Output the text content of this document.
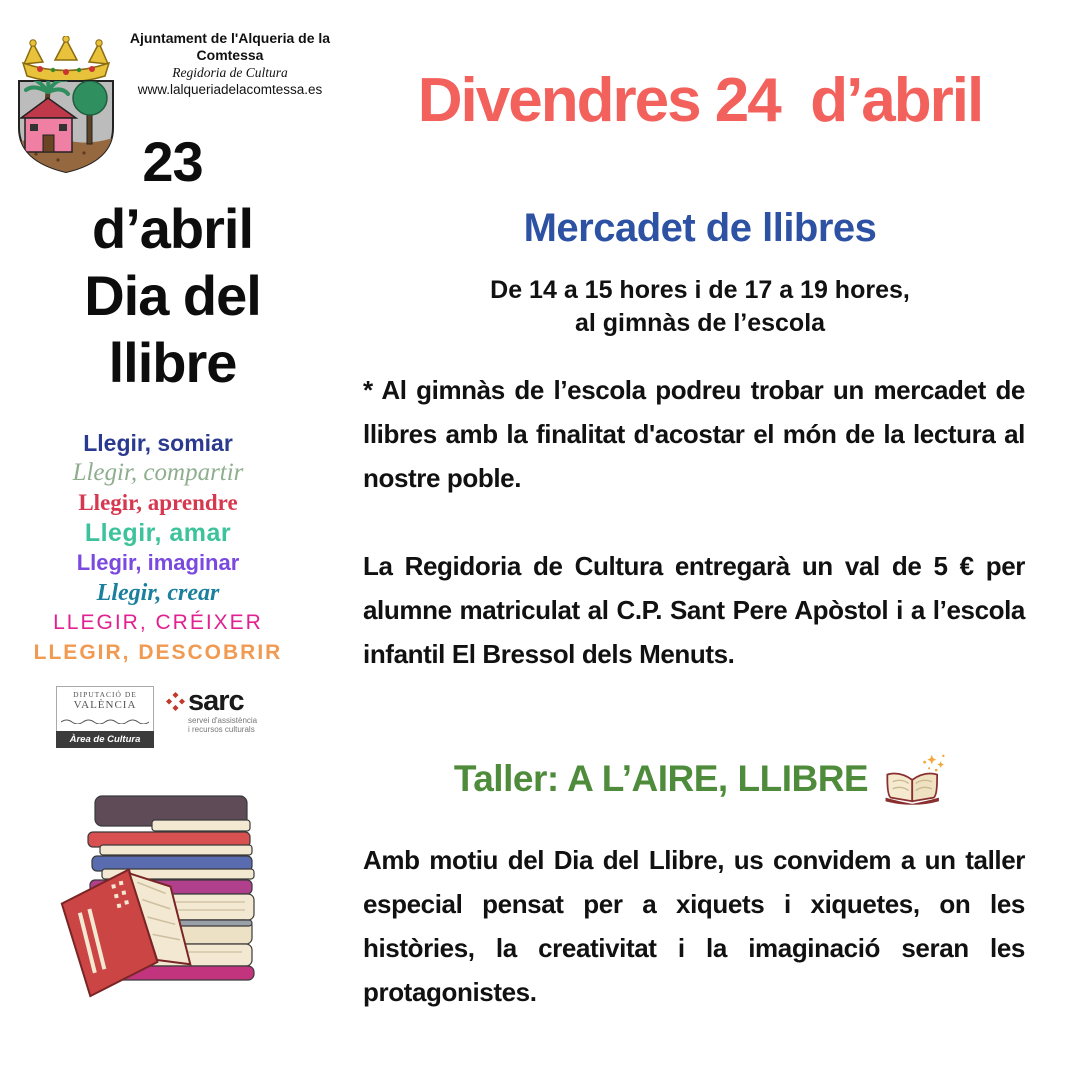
Ajuntament de l'Alqueria de la Comtessa
Regidoria de Cultura
www.lalqueriadelacomtessa.es
23
d’abril
Dia del
llibre
Llegir, somiar
Llegir, compartir
Llegir, aprendre
Llegir, amar
Llegir, imaginar
Llegir, crear
LLEGIR, CRÉIXER
LLEGIR, DESCOBRIR
DIPUTACIÓ DE
VALÈNCIA
Àrea de Cultura
sarc
servei d'assistència
i recursos culturals
Divendres 24  d’abril
Mercadet de llibres
De 14 a 15 hores i de 17 a 19 hores,
al gimnàs de l’escola
* Al gimnàs de l’escola podreu trobar un mercadet de llibres amb la finalitat d'acostar el món de la lectura al nostre poble.
La Regidoria de Cultura entregarà un val de 5 € per alumne matriculat al C.P. Sant Pere Apòstol i a l’escola infantil El Bressol dels Menuts.
Taller: A L’AIRE, LLIBRE
Amb motiu del Dia del Llibre, us convidem a un taller especial pensat per a xiquets i xiquetes, on les històries, la creativitat i la imaginació seran les protagonistes.
